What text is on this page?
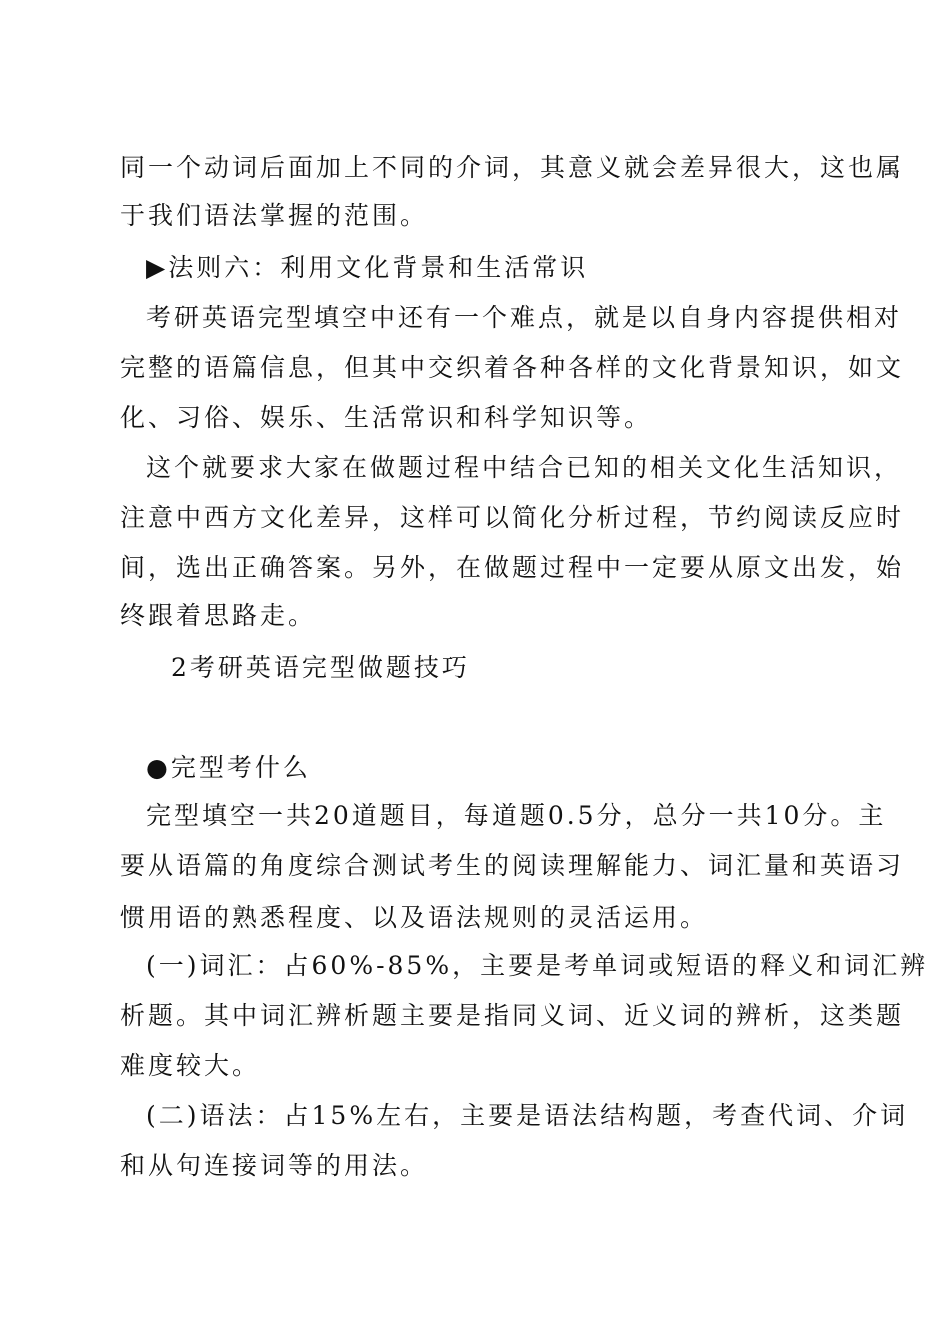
同一个动词后面加上不同的介词，其意义就会差异很大，这也属
于我们语法掌握的范围。
▶法则六：利用文化背景和生活常识
考研英语完型填空中还有一个难点，就是以自身内容提供相对
完整的语篇信息，但其中交织着各种各样的文化背景知识，如文
化、习俗、娱乐、生活常识和科学知识等。
这个就要求大家在做题过程中结合已知的相关文化生活知识，
注意中西方文化差异，这样可以简化分析过程，节约阅读反应时
间，选出正确答案。另外，在做题过程中一定要从原文出发，始
终跟着思路走。
2考研英语完型做题技巧
●完型考什么
完型填空一共20道题目，每道题0.5分，总分一共10分。主
要从语篇的角度综合测试考生的阅读理解能力、词汇量和英语习
惯用语的熟悉程度、以及语法规则的灵活运用。
(一)词汇：占60%-85%，主要是考单词或短语的释义和词汇辨
析题。其中词汇辨析题主要是指同义词、近义词的辨析，这类题
难度较大。
(二)语法：占15%左右，主要是语法结构题，考查代词、介词
和从句连接词等的用法。
